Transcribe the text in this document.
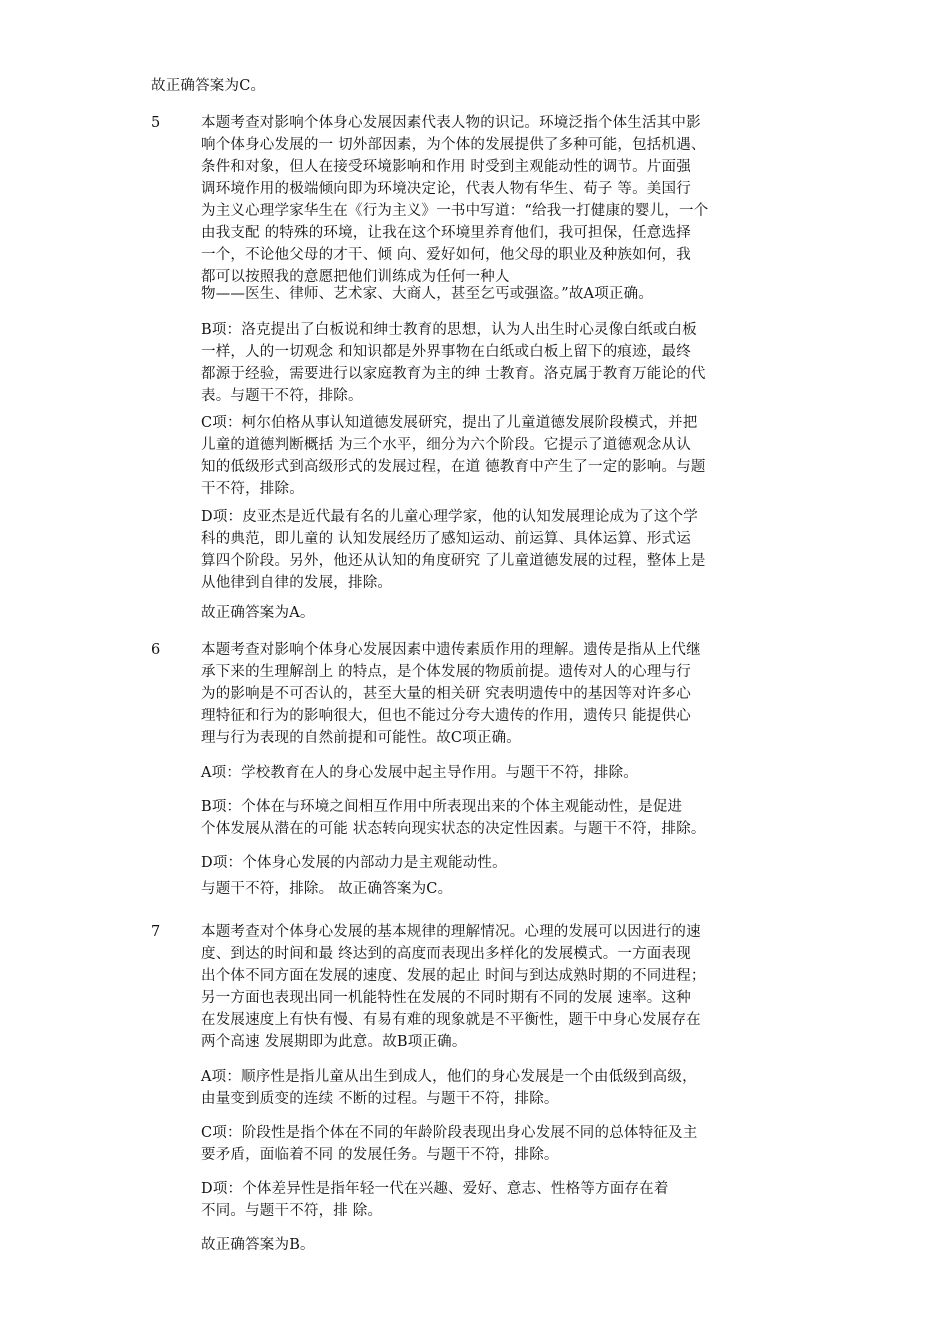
故正确答案为C。
5	本题考查对影响个体身心发展因素代表人物的识记。环境泛指个体生活其中影
响个体身心发展的一 切外部因素，为个体的发展提供了多种可能，包括机遇、
条件和对象，但人在接受环境影响和作用 时受到主观能动性的调节。片面强
调环境作用的极端倾向即为环境决定论，代表人物有华生、荀子 等。美国行
为主义心理学家华生在《行为主义》一书中写道：“给我一打健康的婴儿，一个
由我支配 的特殊的环境，让我在这个环境里养育他们，我可担保，任意选择
一个，不论他父母的才干、倾 向、爱好如何，他父母的职业及种族如何，我
都可以按照我的意愿把他们训练成为任何一种人
物——医生、律师、艺术家、大商人，甚至乞丐或强盗。”故A项正确。
B项：洛克提出了白板说和绅士教育的思想，认为人出生时心灵像白纸或白板
一样，人的一切观念 和知识都是外界事物在白纸或白板上留下的痕迹，最终
都源于经验，需要进行以家庭教育为主的绅 士教育。洛克属于教育万能论的代
表。与题干不符，排除。
C项：柯尔伯格从事认知道德发展研究，提出了儿童道德发展阶段模式，并把
儿童的道德判断概括 为三个水平，细分为六个阶段。它提示了道德观念从认
知的低级形式到高级形式的发展过程，在道 德教育中产生了一定的影响。与题
干不符，排除。
D项：皮亚杰是近代最有名的儿童心理学家，他的认知发展理论成为了这个学
科的典范，即儿童的 认知发展经历了感知运动、前运算、具体运算、形式运
算四个阶段。另外，他还从认知的角度研究 了儿童道德发展的过程，整体上是
从他律到自律的发展，排除。
故正确答案为A。
6	本题考查对影响个体身心发展因素中遗传素质作用的理解。遗传是指从上代继
承下来的生理解剖上 的特点，是个体发展的物质前提。遗传对人的心理与行
为的影响是不可否认的，甚至大量的相关研 究表明遗传中的基因等对许多心
理特征和行为的影响很大，但也不能过分夸大遗传的作用，遗传只 能提供心
理与行为表现的自然前提和可能性。故C项正确。
A项：学校教育在人的身心发展中起主导作用。与题干不符，排除。
B项：个体在与环境之间相互作用中所表现出来的个体主观能动性，是促进
个体发展从潜在的可能 状态转向现实状态的决定性因素。与题干不符，排除。
D项：个体身心发展的内部动力是主观能动性。
与题干不符，排除。 故正确答案为C。
7	本题考查对个体身心发展的基本规律的理解情况。心理的发展可以因进行的速
度、到达的时间和最 终达到的高度而表现出多样化的发展模式。一方面表现
出个体不同方面在发展的速度、发展的起止 时间与到达成熟时期的不同进程；
另一方面也表现出同一机能特性在发展的不同时期有不同的发展 速率。这种
在发展速度上有快有慢、有易有难的现象就是不平衡性，题干中身心发展存在
两个高速 发展期即为此意。故B项正确。
A项：顺序性是指儿童从出生到成人，他们的身心发展是一个由低级到高级，
由量变到质变的连续 不断的过程。与题干不符，排除。
C项：阶段性是指个体在不同的年龄阶段表现出身心发展不同的总体特征及主
要矛盾，面临着不同 的发展任务。与题干不符，排除。
D项：个体差异性是指年轻一代在兴趣、爱好、意志、性格等方面存在着
不同。与题干不符，排 除。
故正确答案为B。
